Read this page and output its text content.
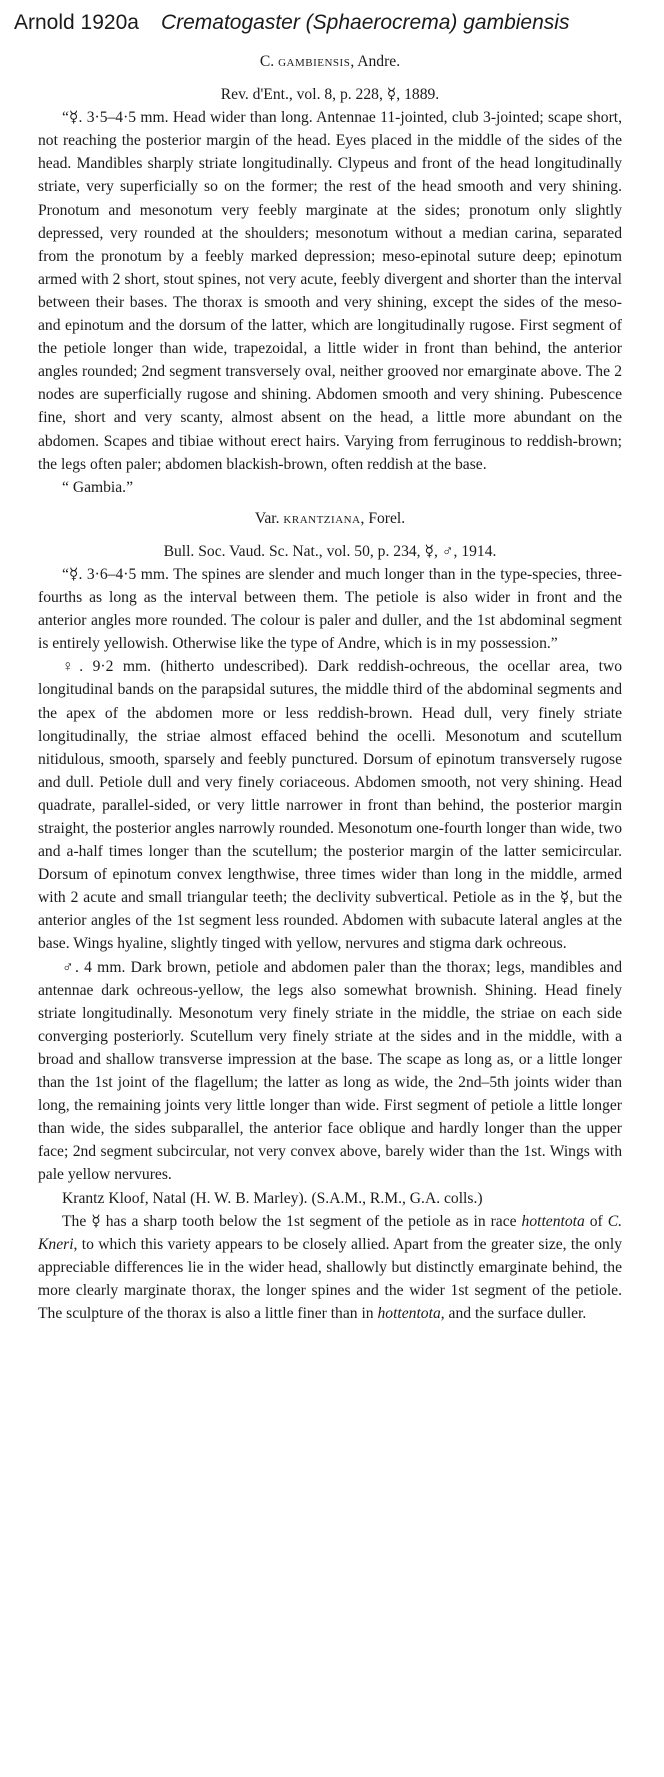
Arnold 1920a Crematogaster (Sphaerocrema) gambiensis

C. gambiensis, Andre.

Rev. d'Ent., vol. 8, p. 228, ☿, 1889.

“☿. 3·5–4·5 mm. Head wider than long. Antennae 11-jointed, club 3-jointed; scape short, not reaching the posterior margin of the head. Eyes placed in the middle of the sides of the head. Mandibles sharply striate longitudinally. Clypeus and front of the head longitudinally striate, very superficially so on the former; the rest of the head smooth and very shining. Pronotum and mesonotum very feebly marginate at the sides; pronotum only slightly depressed, very rounded at the shoulders; mesonotum without a median carina, separated from the pronotum by a feebly marked depression; meso-epinotal suture deep; epinotum armed with 2 short, stout spines, not very acute, feebly divergent and shorter than the interval between their bases. The thorax is smooth and very shining, except the sides of the meso- and epinotum and the dorsum of the latter, which are longitudinally rugose. First segment of the petiole longer than wide, trapezoidal, a little wider in front than behind, the anterior angles rounded; 2nd segment transversely oval, neither grooved nor emarginate above. The 2 nodes are superficially rugose and shining. Abdomen smooth and very shining. Pubescence fine, short and very scanty, almost absent on the head, a little more abundant on the abdomen. Scapes and tibiae without erect hairs. Varying from ferruginous to reddish-brown; the legs often paler; abdomen blackish-brown, often reddish at the base.

“ Gambia.”

Var. krantziana, Forel.

Bull. Soc. Vaud. Sc. Nat., vol. 50, p. 234, ☿, ♂, 1914.

“☿. 3·6–4·5 mm. The spines are slender and much longer than in the type-species, three-fourths as long as the interval between them. The petiole is also wider in front and the anterior angles more rounded. The colour is paler and duller, and the 1st abdominal segment is entirely yellowish. Otherwise like the type of Andre, which is in my possession.”

♀. 9·2 mm. (hitherto undescribed). Dark reddish-ochreous, the ocellar area, two longitudinal bands on the parapsidal sutures, the middle third of the abdominal segments and the apex of the abdomen more or less reddish-brown. Head dull, very finely striate longitudinally, the striae almost effaced behind the ocelli. Mesonotum and scutellum nitidulous, smooth, sparsely and feebly punctured. Dorsum of epinotum transversely rugose and dull. Petiole dull and very finely coriaceous. Abdomen smooth, not very shining. Head quadrate, parallel-sided, or very little narrower in front than behind, the posterior margin straight, the posterior angles narrowly rounded. Mesonotum one-fourth longer than wide, two and a-half times longer than the scutellum; the posterior margin of the latter semicircular. Dorsum of epinotum convex lengthwise, three times wider than long in the middle, armed with 2 acute and small triangular teeth; the declivity subvertical. Petiole as in the ☿, but the anterior angles of the 1st segment less rounded. Abdomen with subacute lateral angles at the base. Wings hyaline, slightly tinged with yellow, nervures and stigma dark ochreous.

♂. 4 mm. Dark brown, petiole and abdomen paler than the thorax; legs, mandibles and antennae dark ochreous-yellow, the legs also somewhat brownish. Shining. Head finely striate longitudinally. Mesonotum very finely striate in the middle, the striae on each side converging posteriorly. Scutellum very finely striate at the sides and in the middle, with a broad and shallow transverse impression at the base. The scape as long as, or a little longer than the 1st joint of the flagellum; the latter as long as wide, the 2nd–5th joints wider than long, the remaining joints very little longer than wide. First segment of petiole a little longer than wide, the sides subparallel, the anterior face oblique and hardly longer than the upper face; 2nd segment subcircular, not very convex above, barely wider than the 1st. Wings with pale yellow nervures.

Krantz Kloof, Natal (H. W. B. Marley). (S.A.M., R.M., G.A. colls.)

The ☿ has a sharp tooth below the 1st segment of the petiole as in race hottentota of C. Kneri, to which this variety appears to be closely allied. Apart from the greater size, the only appreciable differences lie in the wider head, shallowly but distinctly emarginate behind, the more clearly marginate thorax, the longer spines and the wider 1st segment of the petiole. The sculpture of the thorax is also a little finer than in hottentota, and the surface duller.
